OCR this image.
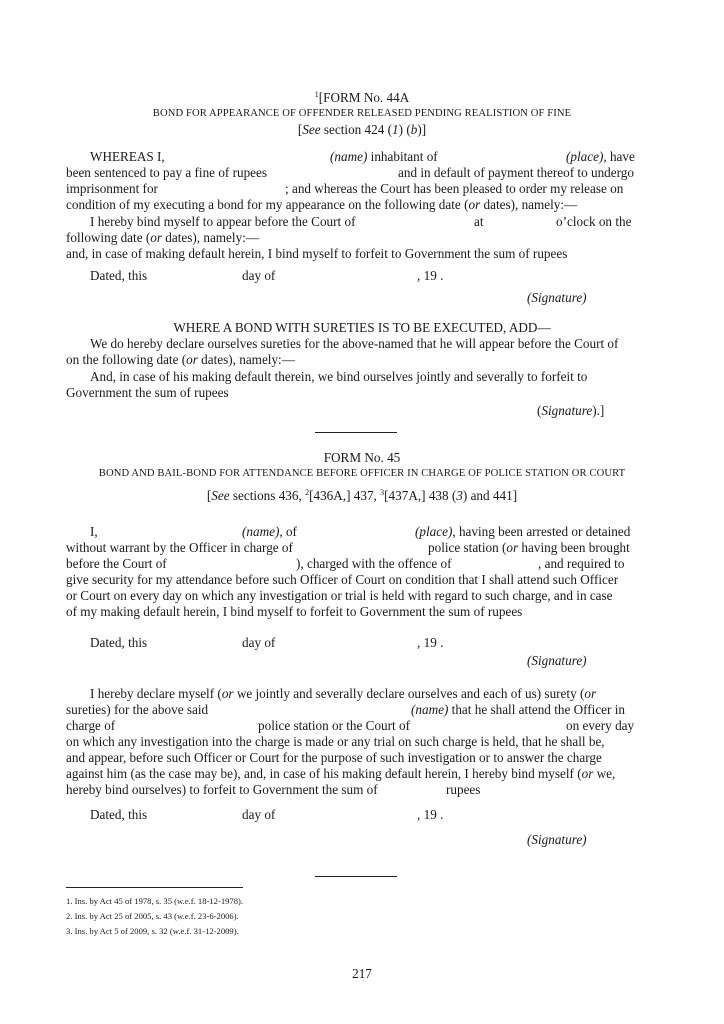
$^1$[FORM No. 44A
BOND FOR APPEARANCE OF OFFENDER RELEASED PENDING REALISTION OF FINE
[See section 424 (1) (b)]
WHEREAS I,	(name) inhabitant of	(place), have
been sentenced to pay a fine of rupees	and in default of payment thereof to undergo
imprisonment for	; and whereas the Court has been pleased to order my release on
condition of my executing a bond for my appearance on the following date (or dates), namely:—
I hereby bind myself to appear before the Court of	at	o’clock on the
following date (or dates), namely:—
and, in case of making default herein, I bind myself to forfeit to Government the sum of rupees
Dated, this	day of	, 19 .
(Signature)
WHERE A BOND WITH SURETIES IS TO BE EXECUTED, ADD—
We do hereby declare ourselves sureties for the above-named that he will appear before the Court of
on the following date (or dates), namely:—
And, in case of his making default therein, we bind ourselves jointly and severally to forfeit to
Government the sum of rupees
(Signature).]
FORM No. 45
BOND AND BAIL-BOND FOR ATTENDANCE BEFORE OFFICER IN CHARGE OF POLICE STATION OR COURT
[See sections 436, $^2$[436A,] 437, $^3$[437A,] 438 (3) and 441]
I,	(name), of	(place), having been arrested or detained
without warrant by the Officer in charge of	police station (or having been brought
before the Court of	), charged with the offence of	, and required to
give security for my attendance before such Officer of Court on condition that I shall attend such Officer
or Court on every day on which any investigation or trial is held with regard to such charge, and in case
of my making default herein, I bind myself to forfeit to Government the sum of rupees
Dated, this	day of	, 19 .
(Signature)
I hereby declare myself (or we jointly and severally declare ourselves and each of us) surety (or
sureties) for the above said	(name) that he shall attend the Officer in
charge of	police station or the Court of	on every day
on which any investigation into the charge is made or any trial on such charge is held, that he shall be,
and appear, before such Officer or Court for the purpose of such investigation or to answer the charge
against him (as the case may be), and, in case of his making default herein, I hereby bind myself (or we,
hereby bind ourselves) to forfeit to Government the sum of	rupees
Dated, this	day of	, 19 .
(Signature)
1. Ins. by Act 45 of 1978, s. 35 (w.e.f. 18-12-1978).
2. Ins. by Act 25 of 2005, s. 43 (w.e.f. 23-6-2006).
3. Ins. by Act 5 of 2009, s. 32 (w.e.f. 31-12-2009).
217
